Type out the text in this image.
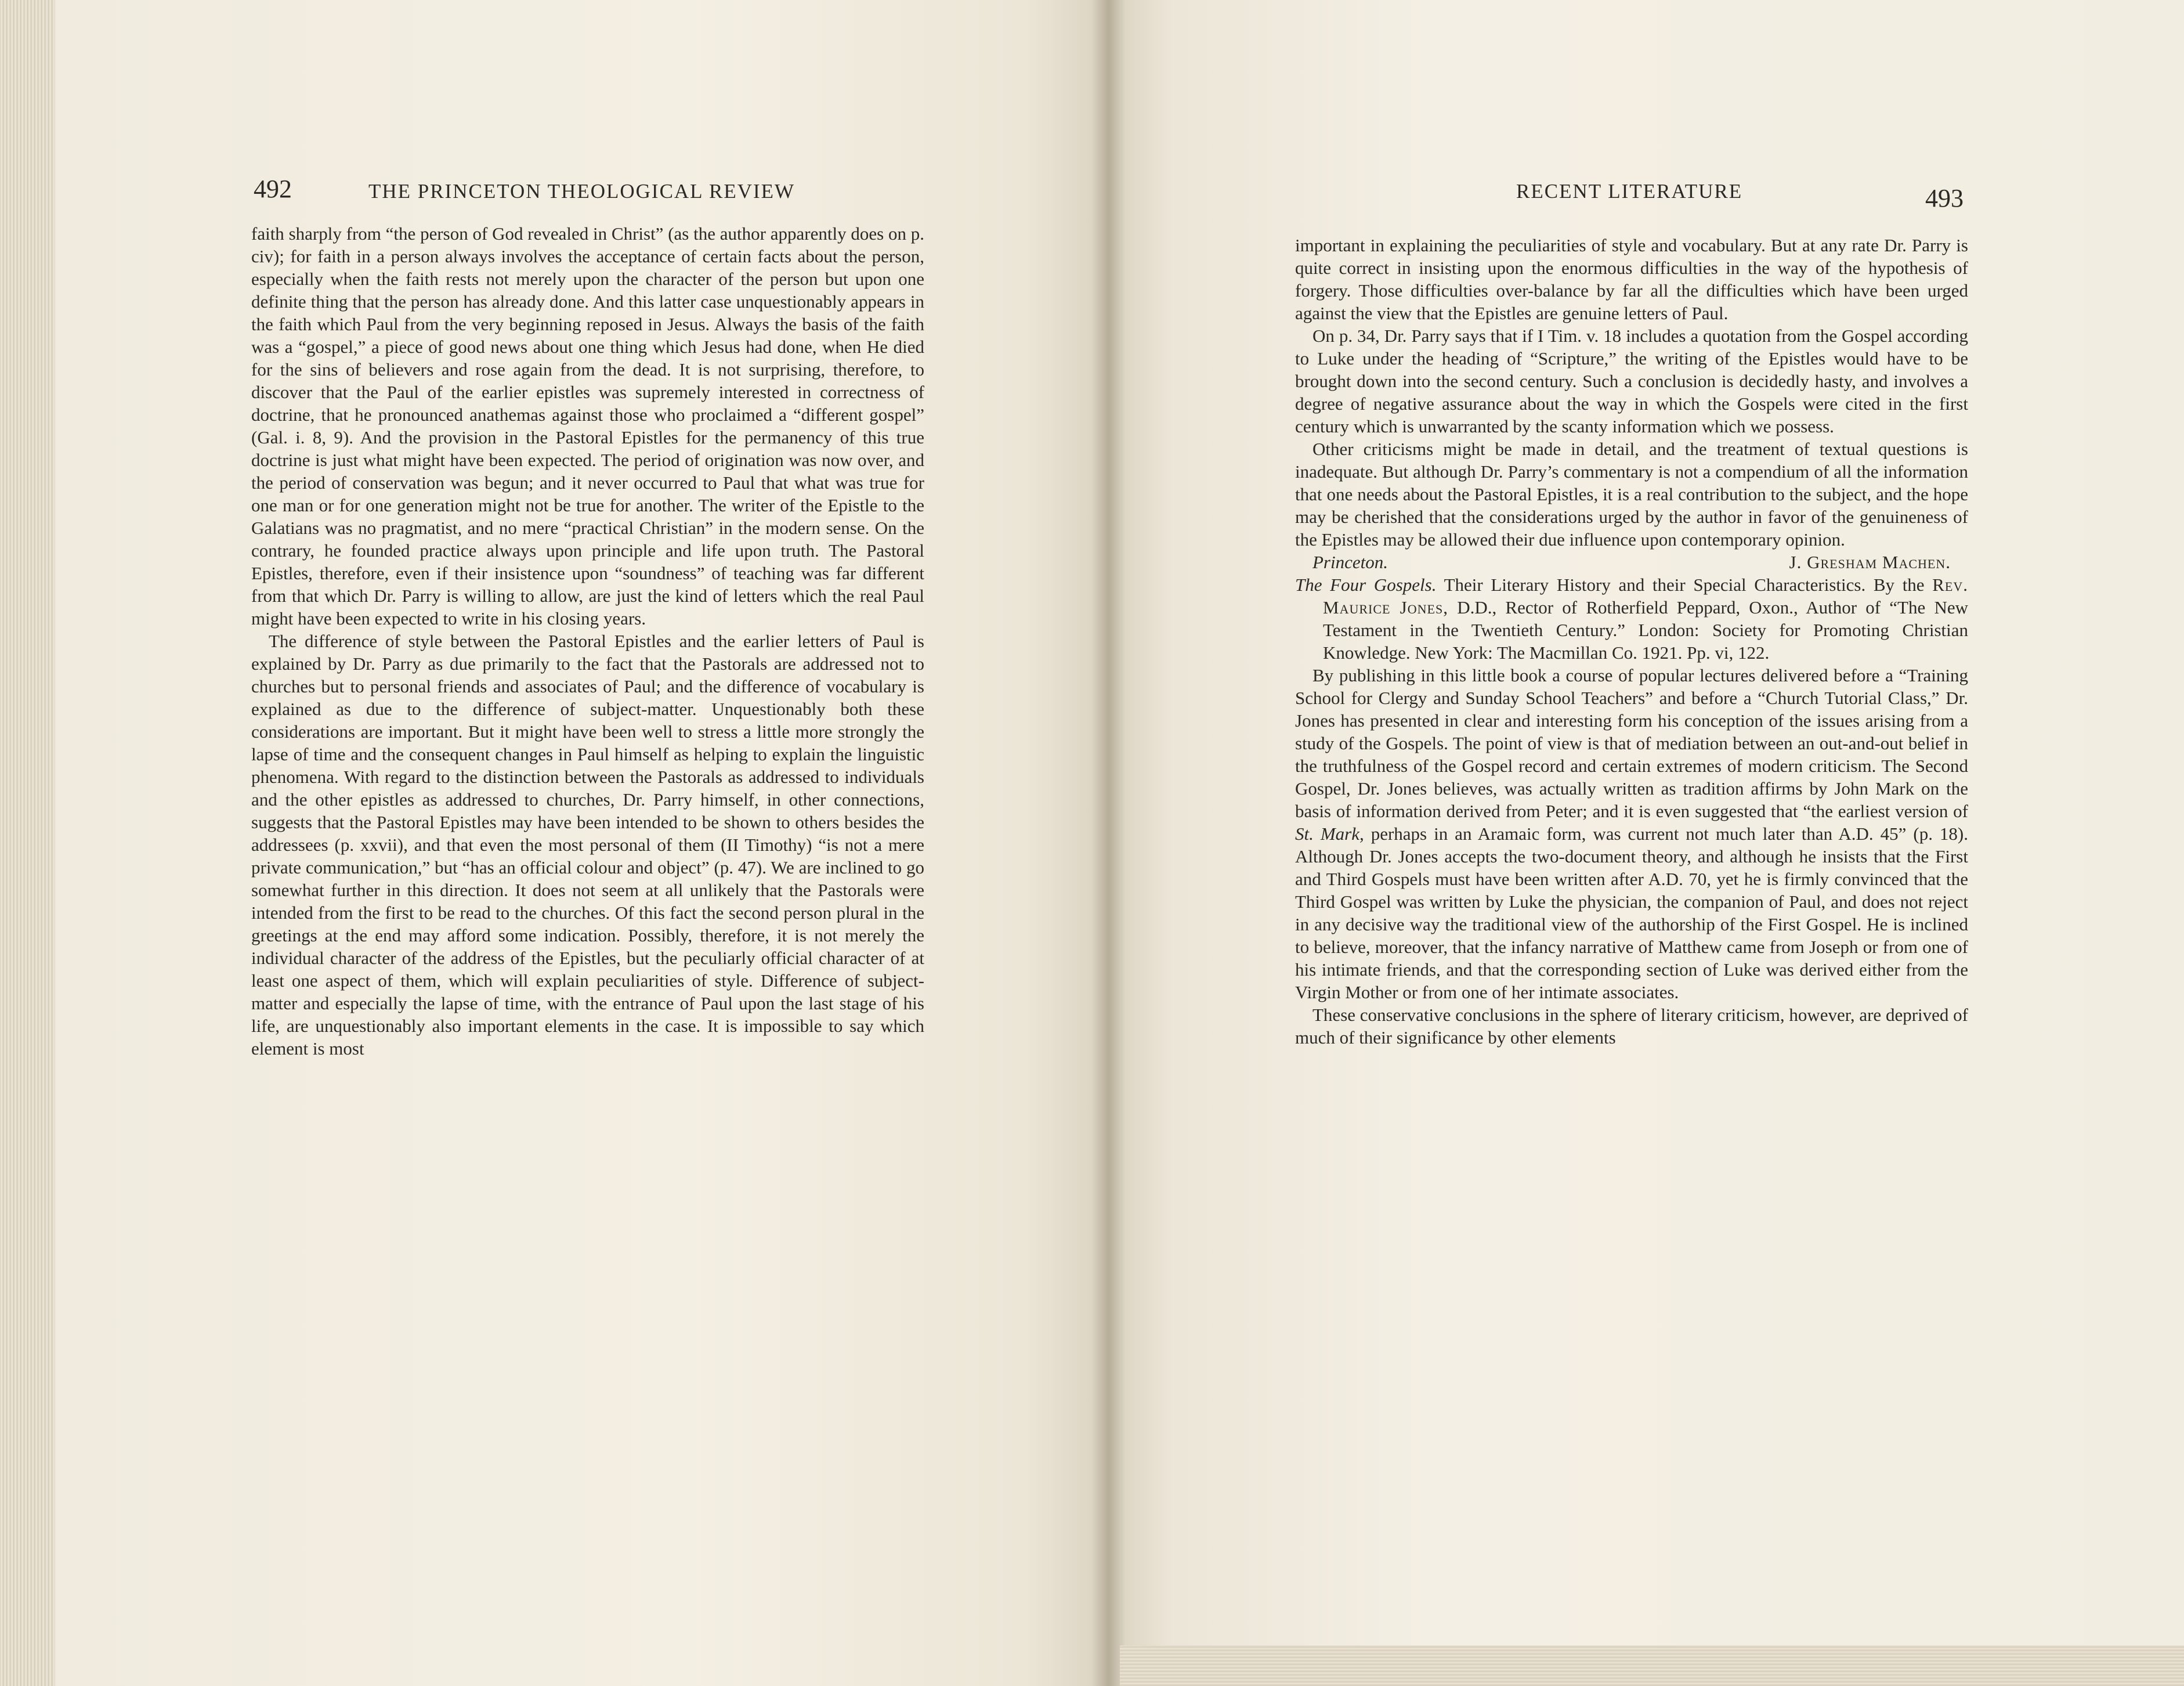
492	THE PRINCETON THEOLOGICAL REVIEW

faith sharply from “the person of God revealed in Christ” (as the author apparently does on p. civ); for faith in a person always involves the acceptance of certain facts about the person, especially when the faith rests not merely upon the character of the person but upon one definite thing that the person has already done. And this latter case unquestionably appears in the faith which Paul from the very beginning reposed in Jesus. Always the basis of the faith was a “gospel,” a piece of good news about one thing which Jesus had done, when He died for the sins of believers and rose again from the dead. It is not surprising, therefore, to discover that the Paul of the earlier epistles was supremely interested in correctness of doctrine, that he pronounced anathemas against those who proclaimed a “different gospel” (Gal. i. 8, 9). And the provision in the Pastoral Epistles for the permanency of this true doctrine is just what might have been expected. The period of origination was now over, and the period of conservation was begun; and it never occurred to Paul that what was true for one man or for one generation might not be true for another. The writer of the Epistle to the Galatians was no pragmatist, and no mere “practical Christian” in the modern sense. On the contrary, he founded practice always upon principle and life upon truth. The Pastoral Epistles, therefore, even if their insistence upon “soundness” of teaching was far different from that which Dr. Parry is willing to allow, are just the kind of letters which the real Paul might have been expected to write in his closing years.

The difference of style between the Pastoral Epistles and the earlier letters of Paul is explained by Dr. Parry as due primarily to the fact that the Pastorals are addressed not to churches but to personal friends and associates of Paul; and the difference of vocabulary is explained as due to the difference of subject-matter. Unquestionably both these considerations are important. But it might have been well to stress a little more strongly the lapse of time and the consequent changes in Paul himself as helping to explain the linguistic phenomena. With regard to the distinction between the Pastorals as addressed to individuals and the other epistles as addressed to churches, Dr. Parry himself, in other connections, suggests that the Pastoral Epistles may have been intended to be shown to others besides the addressees (p. xxvii), and that even the most personal of them (II Timothy) “is not a mere private communication,” but “has an official colour and object” (p. 47). We are inclined to go somewhat further in this direction. It does not seem at all unlikely that the Pastorals were intended from the first to be read to the churches. Of this fact the second person plural in the greetings at the end may afford some indication. Possibly, therefore, it is not merely the individual character of the address of the Epistles, but the peculiarly official character of at least one aspect of them, which will explain peculiarities of style. Difference of subject-matter and especially the lapse of time, with the entrance of Paul upon the last stage of his life, are unquestionably also important elements in the case. It is impossible to say which element is most

RECENT LITERATURE	493

important in explaining the peculiarities of style and vocabulary. But at any rate Dr. Parry is quite correct in insisting upon the enormous difficulties in the way of the hypothesis of forgery. Those difficulties over-balance by far all the difficulties which have been urged against the view that the Epistles are genuine letters of Paul.

On p. 34, Dr. Parry says that if I Tim. v. 18 includes a quotation from the Gospel according to Luke under the heading of “Scripture,” the writing of the Epistles would have to be brought down into the second century. Such a conclusion is decidedly hasty, and involves a degree of negative assurance about the way in which the Gospels were cited in the first century which is unwarranted by the scanty information which we possess.

Other criticisms might be made in detail, and the treatment of textual questions is inadequate. But although Dr. Parry’s commentary is not a compendium of all the information that one needs about the Pastoral Epistles, it is a real contribution to the subject, and the hope may be cherished that the considerations urged by the author in favor of the genuineness of the Epistles may be allowed their due influence upon contemporary opinion.

Princeton.	J. Gresham Machen.

The Four Gospels. Their Literary History and their Special Characteristics. By the Rev. Maurice Jones, D.D., Rector of Rotherfield Peppard, Oxon., Author of “The New Testament in the Twentieth Century.” London: Society for Promoting Christian Knowledge. New York: The Macmillan Co. 1921. Pp. vi, 122.

By publishing in this little book a course of popular lectures delivered before a “Training School for Clergy and Sunday School Teachers” and before a “Church Tutorial Class,” Dr. Jones has presented in clear and interesting form his conception of the issues arising from a study of the Gospels. The point of view is that of mediation between an out-and-out belief in the truthfulness of the Gospel record and certain extremes of modern criticism. The Second Gospel, Dr. Jones believes, was actually written as tradition affirms by John Mark on the basis of information derived from Peter; and it is even suggested that “the earliest version of St. Mark, perhaps in an Aramaic form, was current not much later than A.D. 45” (p. 18). Although Dr. Jones accepts the two-document theory, and although he insists that the First and Third Gospels must have been written after A.D. 70, yet he is firmly convinced that the Third Gospel was written by Luke the physician, the companion of Paul, and does not reject in any decisive way the traditional view of the authorship of the First Gospel. He is inclined to believe, moreover, that the infancy narrative of Matthew came from Joseph or from one of his intimate friends, and that the corresponding section of Luke was derived either from the Virgin Mother or from one of her intimate associates.

These conservative conclusions in the sphere of literary criticism, however, are deprived of much of their significance by other elements
